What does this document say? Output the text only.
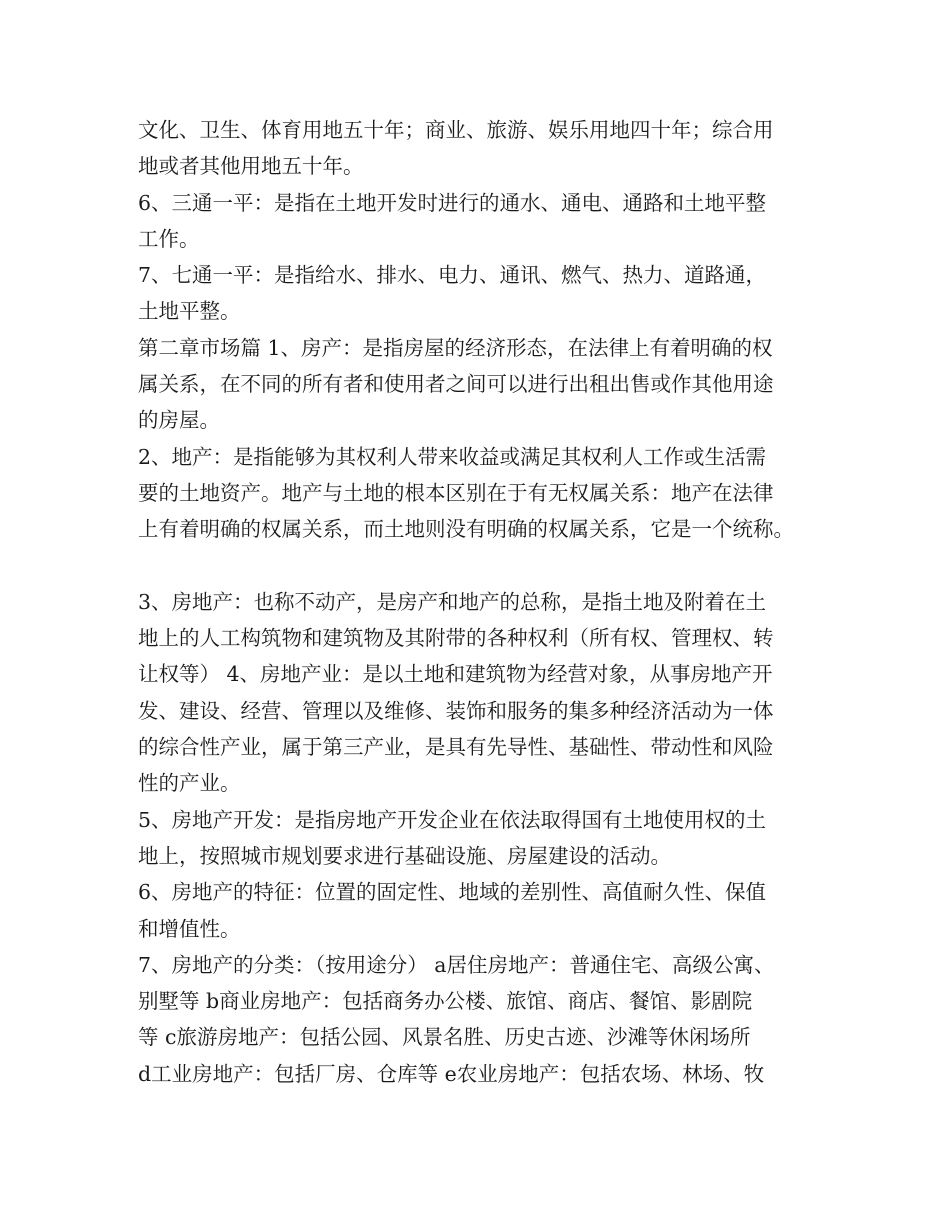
文化、卫生、体育用地五十年；商业、旅游、娱乐用地四十年；综合用
地或者其他用地五十年。
6、三通一平：是指在土地开发时进行的通水、通电、通路和土地平整
工作。
7、七通一平：是指给水、排水、电力、通讯、燃气、热力、道路通，
土地平整。
第二章市场篇 1、房产：是指房屋的经济形态，在法律上有着明确的权
属关系，在不同的所有者和使用者之间可以进行出租出售或作其他用途
的房屋。
2、地产：是指能够为其权利人带来收益或满足其权利人工作或生活需
要的土地资产。地产与土地的根本区别在于有无权属关系：地产在法律
上有着明确的权属关系，而土地则没有明确的权属关系，它是一个统称。
3、房地产：也称不动产，是房产和地产的总称，是指土地及附着在土
地上的人工构筑物和建筑物及其附带的各种权利（所有权、管理权、转
让权等） 4、房地产业：是以土地和建筑物为经营对象，从事房地产开
发、建设、经营、管理以及维修、装饰和服务的集多种经济活动为一体
的综合性产业，属于第三产业，是具有先导性、基础性、带动性和风险
性的产业。
5、房地产开发：是指房地产开发企业在依法取得国有土地使用权的土
地上，按照城市规划要求进行基础设施、房屋建设的活动。
6、房地产的特征：位置的固定性、地域的差别性、高值耐久性、保值
和增值性。
7、房地产的分类：（按用途分） a居住房地产：普通住宅、高级公寓、
别墅等 b商业房地产：包括商务办公楼、旅馆、商店、餐馆、影剧院
等 c旅游房地产：包括公园、风景名胜、历史古迹、沙滩等休闲场所
d工业房地产：包括厂房、仓库等 e农业房地产：包括农场、林场、牧
